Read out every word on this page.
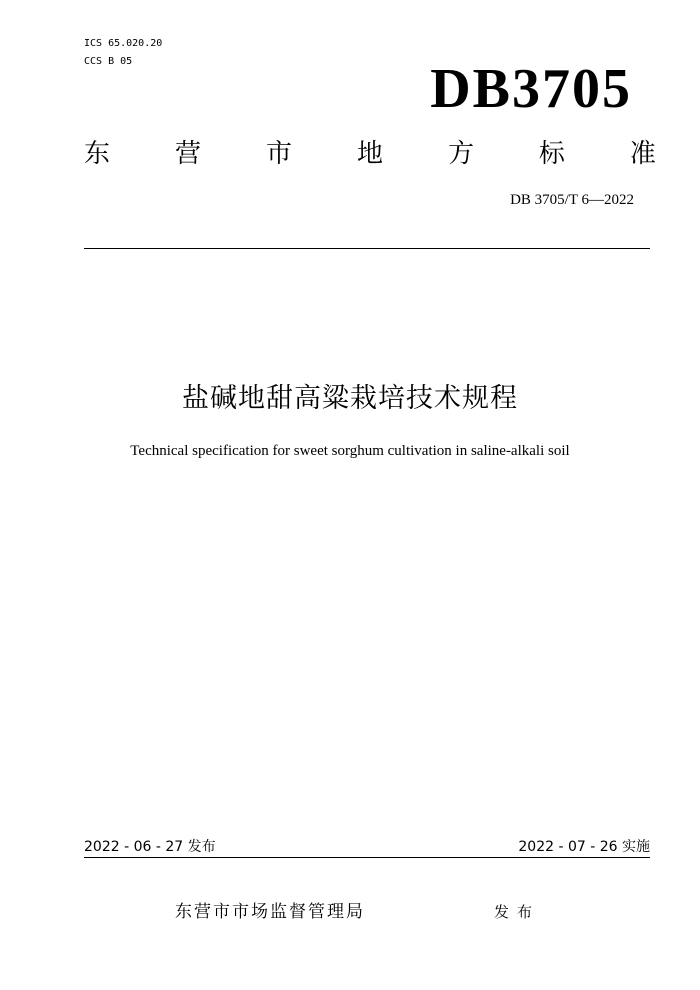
ICS 65.020.20
CCS B 05	DB3705
东 营 市 地 方 标 准
DB 3705/T 6—2022
盐碱地甜高粱栽培技术规程
Technical specification for sweet sorghum cultivation in saline-alkali soil
2022 - 06 - 27 发布	2022 - 07 - 26 实施
东营市市场监督管理局	发布
